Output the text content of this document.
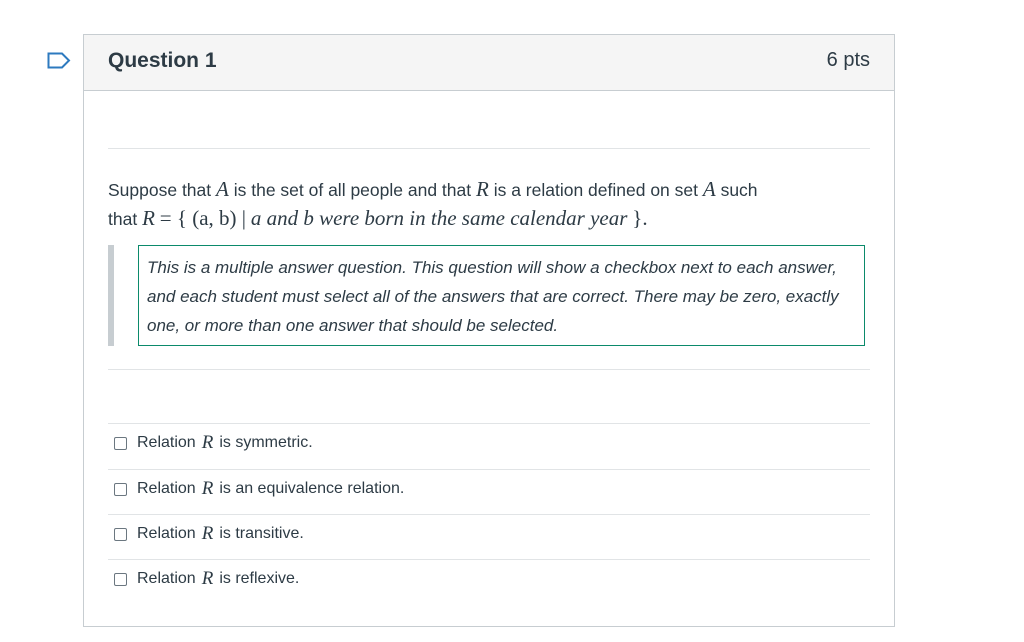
Question 1	6 pts
Suppose that A is the set of all people and that R is a relation defined on set A such
that R = { (a, b) | a and b were born in the same calendar year }.
This is a multiple answer question. This question will show a checkbox next to each answer, and each student must select all of the answers that are correct. There may be zero, exactly one, or more than one answer that should be selected.
Relation R is symmetric.
Relation R is an equivalence relation.
Relation R is transitive.
Relation R is reflexive.
